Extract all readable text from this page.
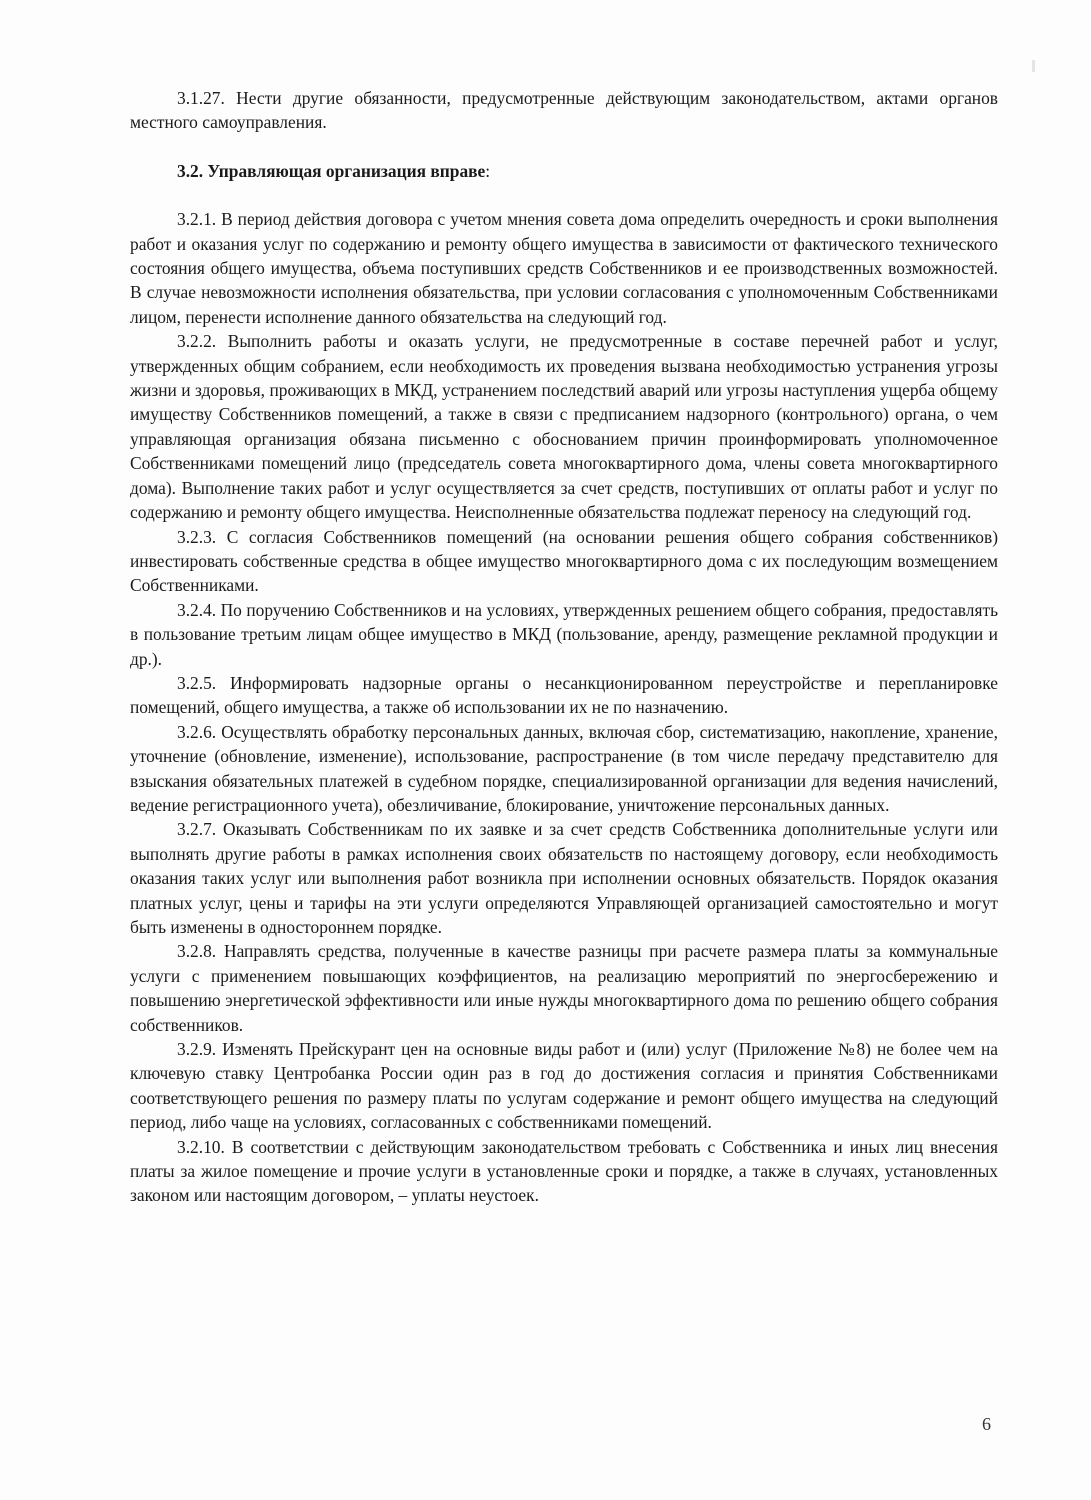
3.1.27. Нести другие обязанности, предусмотренные действующим законодательством, актами органов местного самоуправления.

3.2. Управляющая организация вправе:

3.2.1. В период действия договора с учетом мнения совета дома определить очередность и сроки выполнения работ и оказания услуг по содержанию и ремонту общего имущества в зависимости от фактического технического состояния общего имущества, объема поступивших средств Собственников и ее производственных возможностей. В случае невозможности исполнения обязательства, при условии согласования с уполномоченным Собственниками лицом, перенести исполнение данного обязательства на следующий год.

3.2.2. Выполнить работы и оказать услуги, не предусмотренные в составе перечней работ и услуг, утвержденных общим собранием, если необходимость их проведения вызвана необходимостью устранения угрозы жизни и здоровья, проживающих в МКД, устранением последствий аварий или угрозы наступления ущерба общему имуществу Собственников помещений, а также в связи с предписанием надзорного (контрольного) органа, о чем управляющая организация обязана письменно с обоснованием причин проинформировать уполномоченное Собственниками помещений лицо (председатель совета многоквартирного дома, члены совета многоквартирного дома). Выполнение таких работ и услуг осуществляется за счет средств, поступивших от оплаты работ и услуг по содержанию и ремонту общего имущества. Неисполненные обязательства подлежат переносу на следующий год.

3.2.3. С согласия Собственников помещений (на основании решения общего собрания собственников) инвестировать собственные средства в общее имущество многоквартирного дома с их последующим возмещением Собственниками.

3.2.4. По поручению Собственников и на условиях, утвержденных решением общего собрания, предоставлять в пользование третьим лицам общее имущество в МКД (пользование, аренду, размещение рекламной продукции и др.).

3.2.5. Информировать надзорные органы о несанкционированном переустройстве и перепланировке помещений, общего имущества, а также об использовании их не по назначению.

3.2.6. Осуществлять обработку персональных данных, включая сбор, систематизацию, накопление, хранение, уточнение (обновление, изменение), использование, распространение (в том числе передачу представителю для взыскания обязательных платежей в судебном порядке, специализированной организации для ведения начислений, ведение регистрационного учета), обезличивание, блокирование, уничтожение персональных данных.

3.2.7. Оказывать Собственникам по их заявке и за счет средств Собственника дополнительные услуги или выполнять другие работы в рамках исполнения своих обязательств по настоящему договору, если необходимость оказания таких услуг или выполнения работ возникла при исполнении основных обязательств. Порядок оказания платных услуг, цены и тарифы на эти услуги определяются Управляющей организацией самостоятельно и могут быть изменены в одностороннем порядке.

3.2.8. Направлять средства, полученные в качестве разницы при расчете размера платы за коммунальные услуги с применением повышающих коэффициентов, на реализацию мероприятий по энергосбережению и повышению энергетической эффективности или иные нужды многоквартирного дома по решению общего собрания собственников.

3.2.9. Изменять Прейскурант цен на основные виды работ и (или) услуг (Приложение №8) не более чем на ключевую ставку Центробанка России один раз в год до достижения согласия и принятия Собственниками соответствующего решения по размеру платы по услугам содержание и ремонт общего имущества на следующий период, либо чаще на условиях, согласованных с собственниками помещений.

3.2.10. В соответствии с действующим законодательством требовать с Собственника и иных лиц внесения платы за жилое помещение и прочие услуги в установленные сроки и порядке, а также в случаях, установленных законом или настоящим договором, – уплаты неустоек.

6
